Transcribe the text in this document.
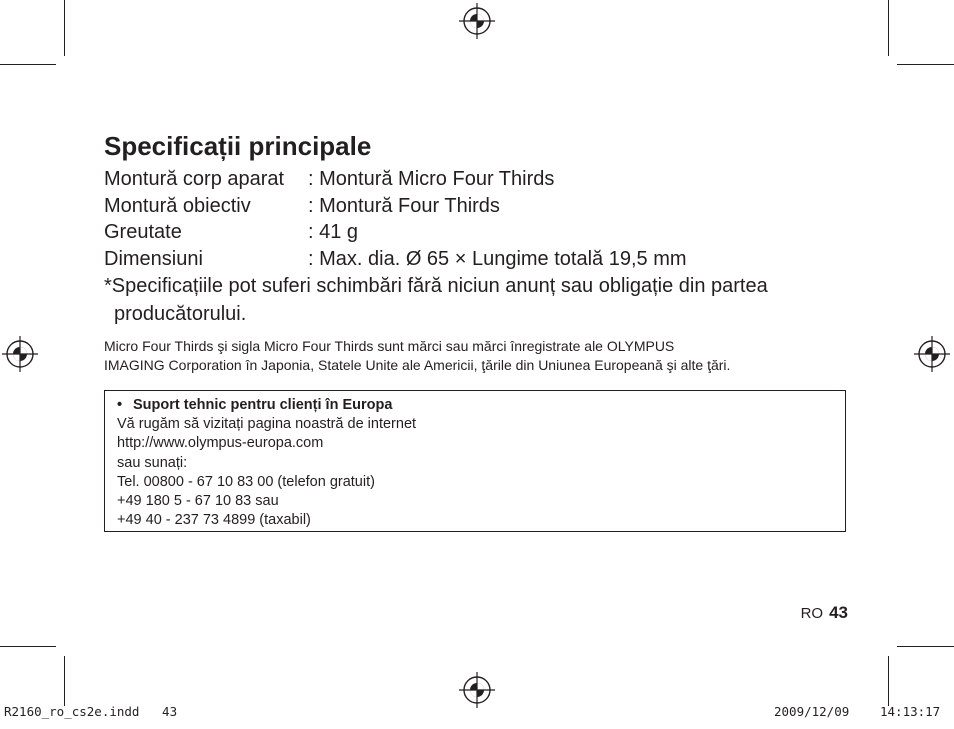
Specificații principale
Montură corp aparat	: Montură Micro Four Thirds
Montură obiectiv	: Montură Four Thirds
Greutate	: 41 g
Dimensiuni	: Max. dia. Ø 65 × Lungime totală 19,5 mm
*Specificațiile pot suferi schimbări fără niciun anunț sau obligație din partea
producătorului.
Micro Four Thirds şi sigla Micro Four Thirds sunt mărci sau mărci înregistrate ale OLYMPUS
IMAGING Corporation în Japonia, Statele Unite ale Americii, ţările din Uniunea Europeană şi alte ţări.
• Suport tehnic pentru clienți în Europa
Vă rugăm să vizitați pagina noastră de internet
http://www.olympus-europa.com
sau sunați:
Tel. 00800 - 67 10 83 00 (telefon gratuit)
+49 180 5 - 67 10 83 sau
+49 40 - 237 73 4899 (taxabil)
RO 43
R2160_ro_cs2e.indd   43	2009/12/09 14:13:17
